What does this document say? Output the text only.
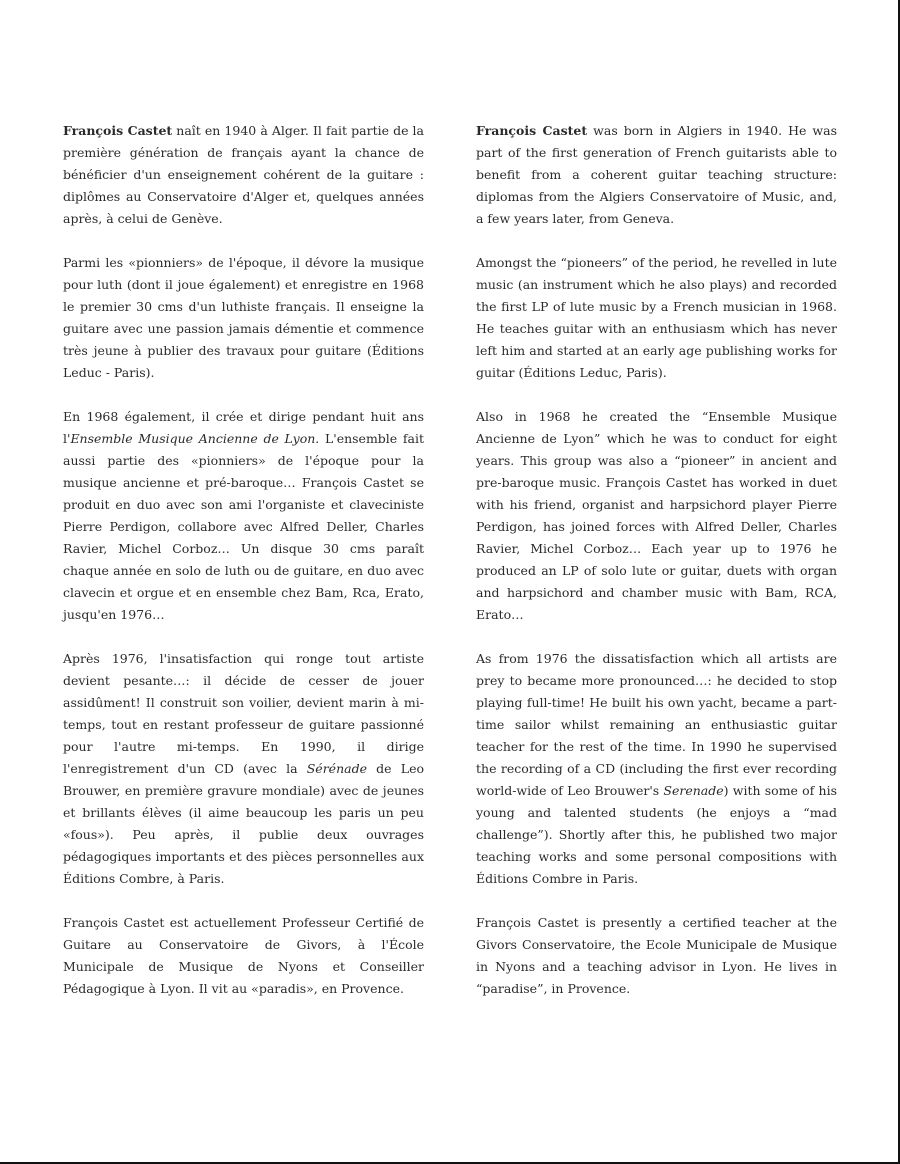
François Castet naît en 1940 à Alger. Il fait partie de la première génération de français ayant la chance de bénéficier d'un enseignement cohérent de la guitare : diplômes au Conservatoire d'Alger et, quelques années après, à celui de Genève.

Parmi les «pionniers» de l'époque, il dévore la musique pour luth (dont il joue également) et enregistre en 1968 le premier 30 cms d'un luthiste français. Il enseigne la guitare avec une passion jamais démentie et commence très jeune à publier des travaux pour guitare (Éditions Leduc - Paris).

En 1968 également, il crée et dirige pendant huit ans l'Ensemble Musique Ancienne de Lyon. L'ensemble fait aussi partie des «pionniers» de l'époque pour la musique ancienne et pré-baroque… François Castet se produit en duo avec son ami l'organiste et claveciniste Pierre Perdigon, collabore avec Alfred Deller, Charles Ravier, Michel Corboz… Un disque 30 cms paraît chaque année en solo de luth ou de guitare, en duo avec clavecin et orgue et en ensemble chez Bam, Rca, Erato, jusqu'en 1976…

Après 1976, l'insatisfaction qui ronge tout artiste devient pesante…: il décide de cesser de jouer assidûment! Il construit son voilier, devient marin à mi-temps, tout en restant professeur de guitare passionné pour l'autre mi-temps. En 1990, il dirige l'enregistrement d'un CD (avec la Sérénade de Leo Brouwer, en première gravure mondiale) avec de jeunes et brillants élèves (il aime beaucoup les paris un peu «fous»). Peu après, il publie deux ouvrages pédagogiques importants et des pièces personnelles aux Éditions Combre, à Paris.

François Castet est actuellement Professeur Certifié de Guitare au Conservatoire de Givors, à l'École Municipale de Musique de Nyons et Conseiller Pédagogique à Lyon. Il vit au «paradis», en Provence.

François Castet was born in Algiers in 1940. He was part of the first generation of French guitarists able to benefit from a coherent guitar teaching structure: diplomas from the Algiers Conservatoire of Music, and, a few years later, from Geneva.

Amongst the “pioneers” of the period, he revelled in lute music (an instrument which he also plays) and recorded the first LP of lute music by a French musician in 1968. He teaches guitar with an enthusiasm which has never left him and started at an early age publishing works for guitar (Éditions Leduc, Paris).

Also in 1968 he created the “Ensemble Musique Ancienne de Lyon” which he was to conduct for eight years. This group was also a “pioneer” in ancient and pre-baroque music. François Castet has worked in duet with his friend, organist and harpsichord player Pierre Perdigon, has joined forces with Alfred Deller, Charles Ravier, Michel Corboz… Each year up to 1976 he produced an LP of solo lute or guitar, duets with organ and harpsichord and chamber music with Bam, RCA, Erato…

As from 1976 the dissatisfaction which all artists are prey to became more pronounced…: he decided to stop playing full-time! He built his own yacht, became a part-time sailor whilst remaining an enthusiastic guitar teacher for the rest of the time. In 1990 he supervised the recording of a CD (including the first ever recording world-wide of Leo Brouwer's Serenade) with some of his young and talented students (he enjoys a “mad challenge”). Shortly after this, he published two major teaching works and some personal compositions with Éditions Combre in Paris.

François Castet is presently a certified teacher at the Givors Conservatoire, the Ecole Municipale de Musique in Nyons and a teaching advisor in Lyon. He lives in “paradise”, in Provence.
